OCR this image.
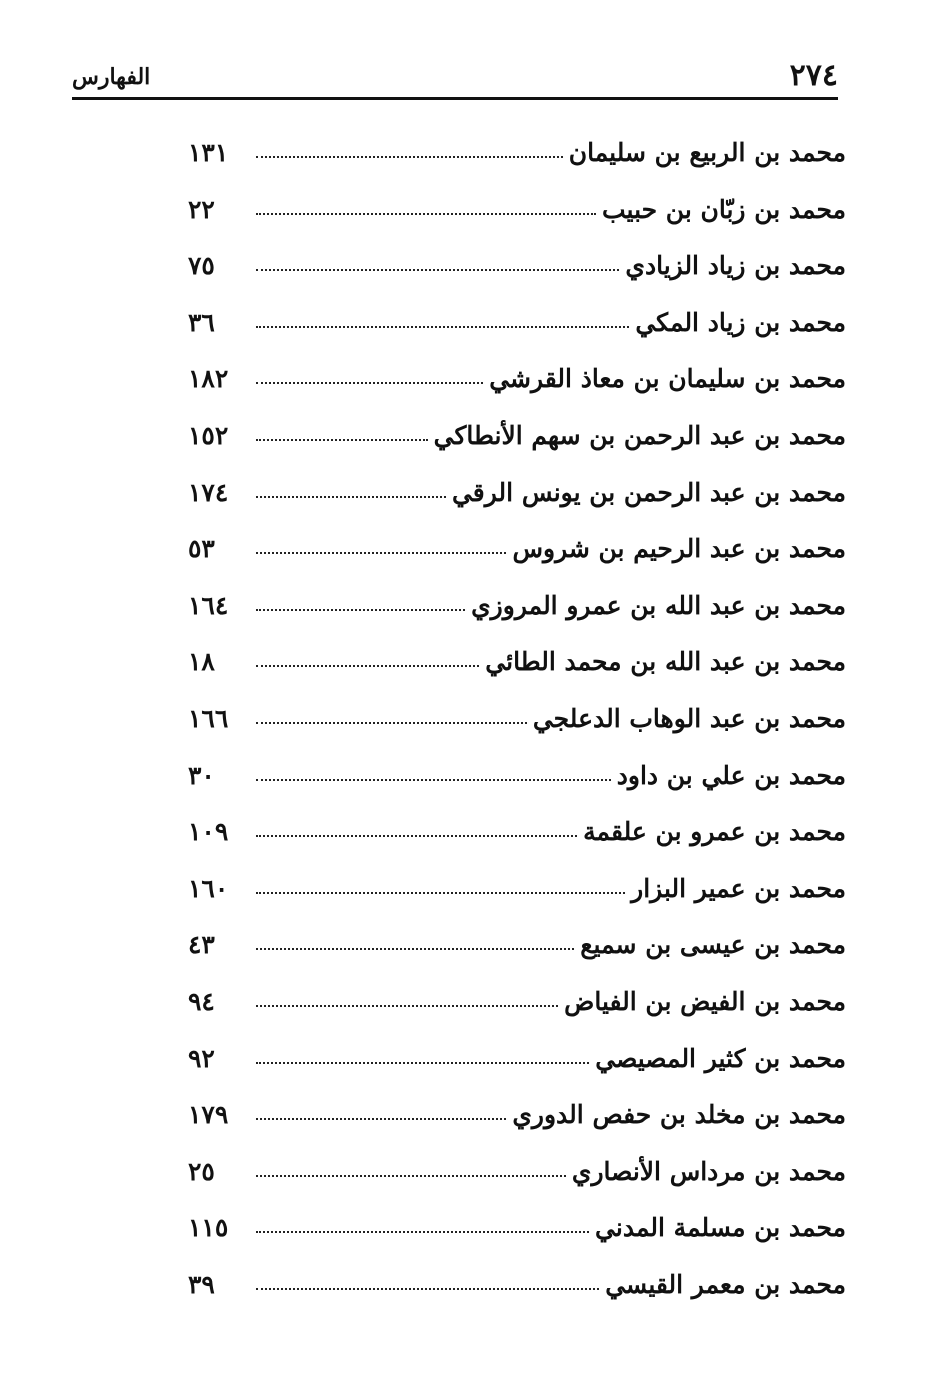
٢٧٤
الفهارس
محمد بن الربيع بن سليمان
١٣١
محمد بن زبّان بن حبيب
٢٢
محمد بن زياد الزيادي
٧٥
محمد بن زياد المكي
٣٦
محمد بن سليمان بن معاذ القرشي
١٨٢
محمد بن عبد الرحمن بن سهم الأنطاكي
١٥٢
محمد بن عبد الرحمن بن يونس الرقي
١٧٤
محمد بن عبد الرحيم بن شروس
٥٣
محمد بن عبد الله بن عمرو المروزي
١٦٤
محمد بن عبد الله بن محمد الطائي
١٨
محمد بن عبد الوهاب الدعلجي
١٦٦
محمد بن علي بن داود
٣٠
محمد بن عمرو بن علقمة
١٠٩
محمد بن عمير البزار
١٦٠
محمد بن عيسى بن سميع
٤٣
محمد بن الفيض بن الفياض
٩٤
محمد بن كثير المصيصي
٩٢
محمد بن مخلد بن حفص الدوري
١٧٩
محمد بن مرداس الأنصاري
٢٥
محمد بن مسلمة المدني
١١٥
محمد بن معمر القيسي
٣٩
